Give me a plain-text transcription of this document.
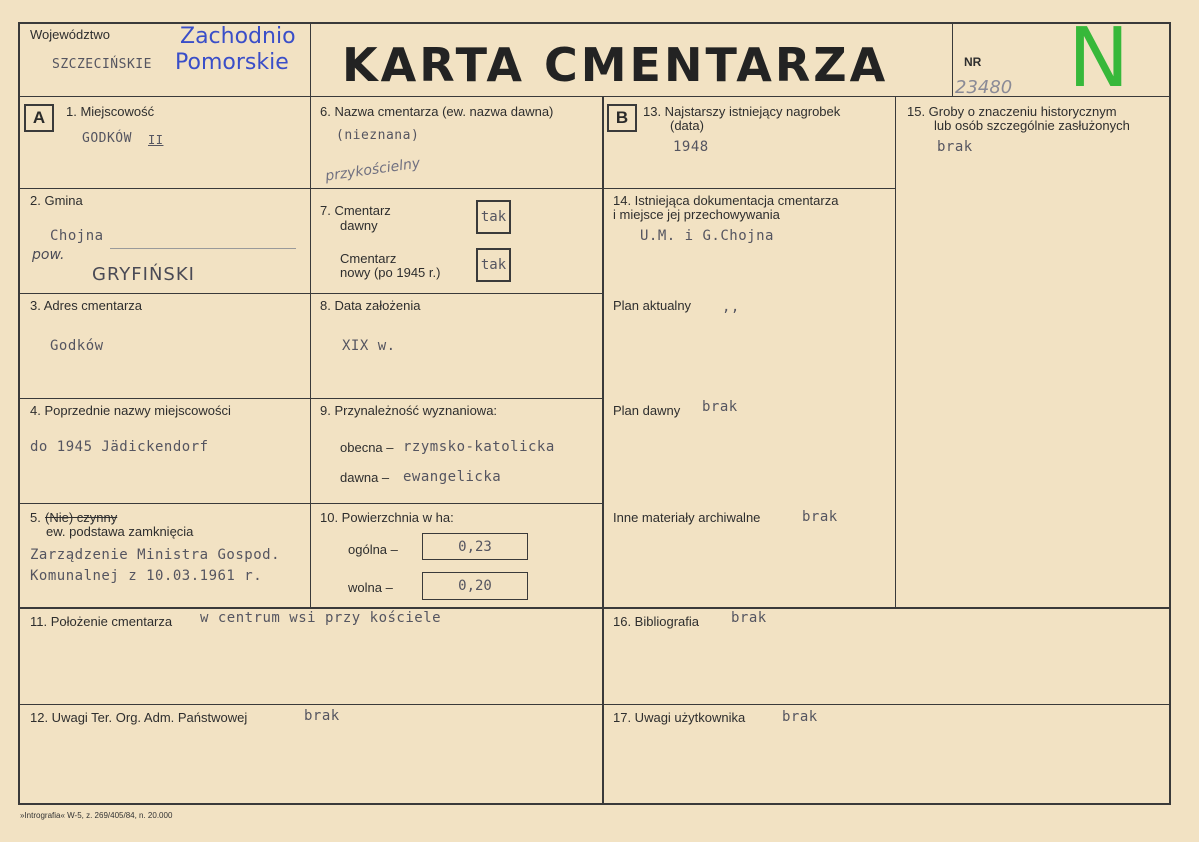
Województwo
SZCZECIŃSKIE
Zachodnio
Pomorskie KARTA CMENTARZA	NR
23480 N
A	B
1. Miejscowość
GODKÓW II
2. Gmina
Chojna
pow.
GRYFIŃSKI
3. Adres cmentarza
Godków
4. Poprzednie nazwy miejscowości
do 1945 Jädickendorf
5. (Nie) czynny
ew. podstawa zamknięcia
Zarządzenie Ministra Gospod.
Komunalnej z 10.03.1961 r.
6. Nazwa cmentarza (ew. nazwa dawna)
(nieznana)
przykościelny
7. Cmentarz
dawny
tak
Cmentarz
nowy (po 1945 r.)	tak
8. Data założenia
XIX w.
9. Przynależność wyznaniowa:
obecna – rzymsko-katolicka
dawna – ewangelicka
10. Powierzchnia w ha:
ogólna –	0,23
wolna –	0,20
11. Położenie cmentarza w centrum wsi przy kościele
12. Uwagi Ter. Org. Adm. Państwowej	brak
13. Najstarszy istniejący nagrobek
(data)
1948
14. Istniejąca dokumentacja cmentarza
i miejsce jej przechowywania
U.M. i G.Chojna
Plan aktualny ,,
Plan dawny brak
Inne materiały archiwalne	brak
15. Groby o znaczeniu historycznym
lub osób szczególnie zasłużonych
brak
16. Bibliografia brak
17. Uwagi użytkownika	brak
»Intrografia« W-5, z. 269/405/84, n. 20.000
